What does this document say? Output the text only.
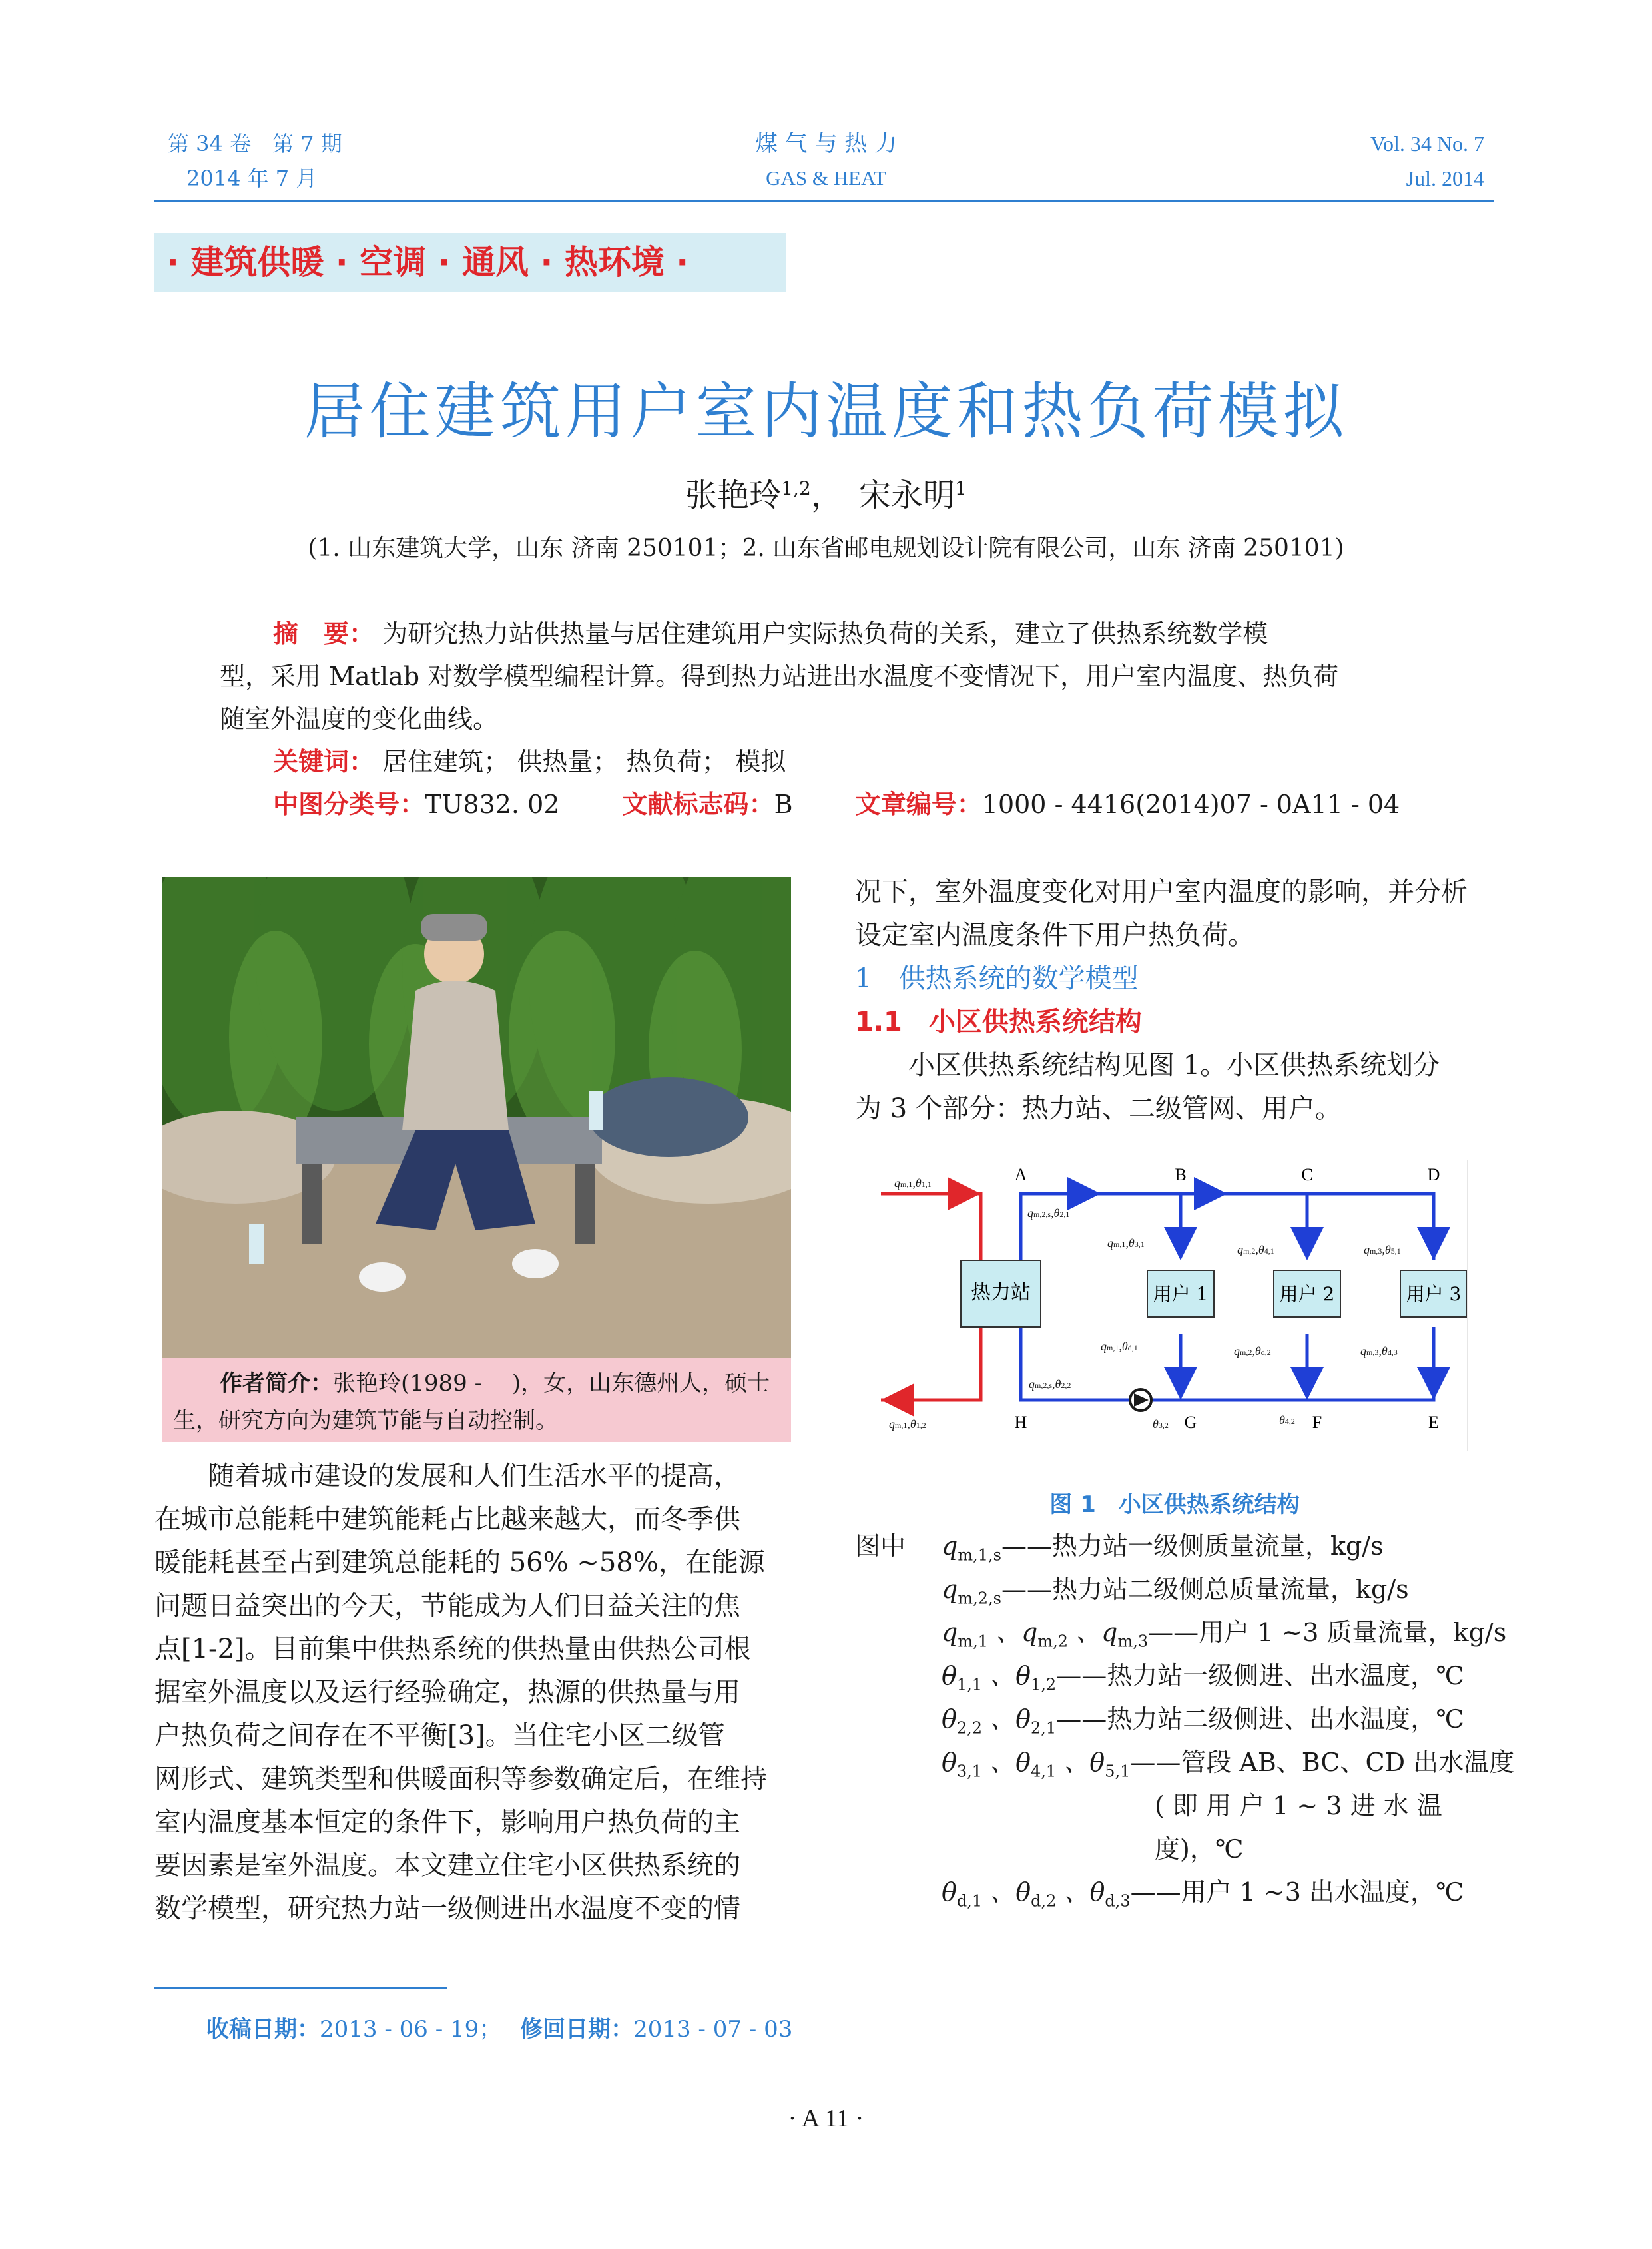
第 34 卷　第 7 期
2014 年 7 月
煤 气 与 热 力
GAS & HEAT
Vol. 34 No. 7
Jul. 2014
· 建筑供暖 · 空调 · 通风 · 热环境 ·
居住建筑用户室内温度和热负荷模拟
张艳玲$^{1,2}$，　 宋永明$^1$
(1. 山东建筑大学，山东 济南 250101；2. 山东省邮电规划设计院有限公司，山东 济南 250101)
摘　要： 为研究热力站供热量与居住建筑用户实际热负荷的关系，建立了供热系统数学模
型，采用 Matlab 对数学模型编程计算。得到热力站进出水温度不变情况下，用户室内温度、热负荷
随室外温度的变化曲线。
关键词： 居住建筑； 供热量； 热负荷； 模拟
中图分类号：TU832. 02 文献标志码：B 文章编号：1000 - 4416(2014)07 - 0A11 - 04
作者简介：张艳玲(1989 -　 )，女，山东德州人，硕士
生，研究方向为建筑节能与自动控制。
随着城市建设的发展和人们生活水平的提高，
在城市总能耗中建筑能耗占比越来越大，而冬季供
暖能耗甚至占到建筑总能耗的 56% ~58%，在能源
问题日益突出的今天，节能成为人们日益关注的焦
点[1-2]。目前集中供热系统的供热量由供热公司根
据室外温度以及运行经验确定，热源的供热量与用
户热负荷之间存在不平衡[3]。当住宅小区二级管
网形式、建筑类型和供暖面积等参数确定后，在维持
室内温度基本恒定的条件下，影响用户热负荷的主
要因素是室外温度。本文建立住宅小区供热系统的
数学模型，研究热力站一级侧进出水温度不变的情
况下，室外温度变化对用户室内温度的影响，并分析
设定室内温度条件下用户热负荷。
1　供热系统的数学模型
1.1　小区供热系统结构
小区供热系统结构见图 1。小区供热系统划分
为 3 个部分：热力站、二级管网、用户。
热力站	用户 1	用户 2	用户 3
A	B	C	D
H	G	F	E
qm,1,θ1,1
qm,2,s,θ2,1
qm,1,θ3,1	qm,2,θ4,1	qm,3,θ5,1
qm,1,θd,1	qm,2,θd,2	qm,3,θd,3
qm,2,s,θ2,2
θ3,2	θ4,2
qm,1,θ1,2
图 1　小区供热系统结构
图中 $q_{m,1,s}——$热力站一级侧质量流量，kg/s
$q_{m,2,s}——$热力站二级侧总质量流量，kg/s
$q_{m,1}$ 、$q_{m,2}$ 、$q_{m,3}——$用户 1 ~3 质量流量，kg/s
$\theta_{1,1}$ 、$\theta_{1,2}——$热力站一级侧进、出水温度，℃
$\theta_{2,2}$ 、$\theta_{2,1}——$热力站二级侧进、出水温度，℃
$\theta_{3,1}$ 、$\theta_{4,1}$ 、$\theta_{5,1}——$管段 AB、BC、CD 出水温度
( 即 用 户 1 ~ 3 进 水 温
度)，℃
$\theta_{d,1}$ 、$\theta_{d,2}$ 、$\theta_{d,3}——$用户 1 ~3 出水温度，℃
收稿日期：2013 - 06 - 19；　 修回日期：2013 - 07 - 03
· A 11 ·
